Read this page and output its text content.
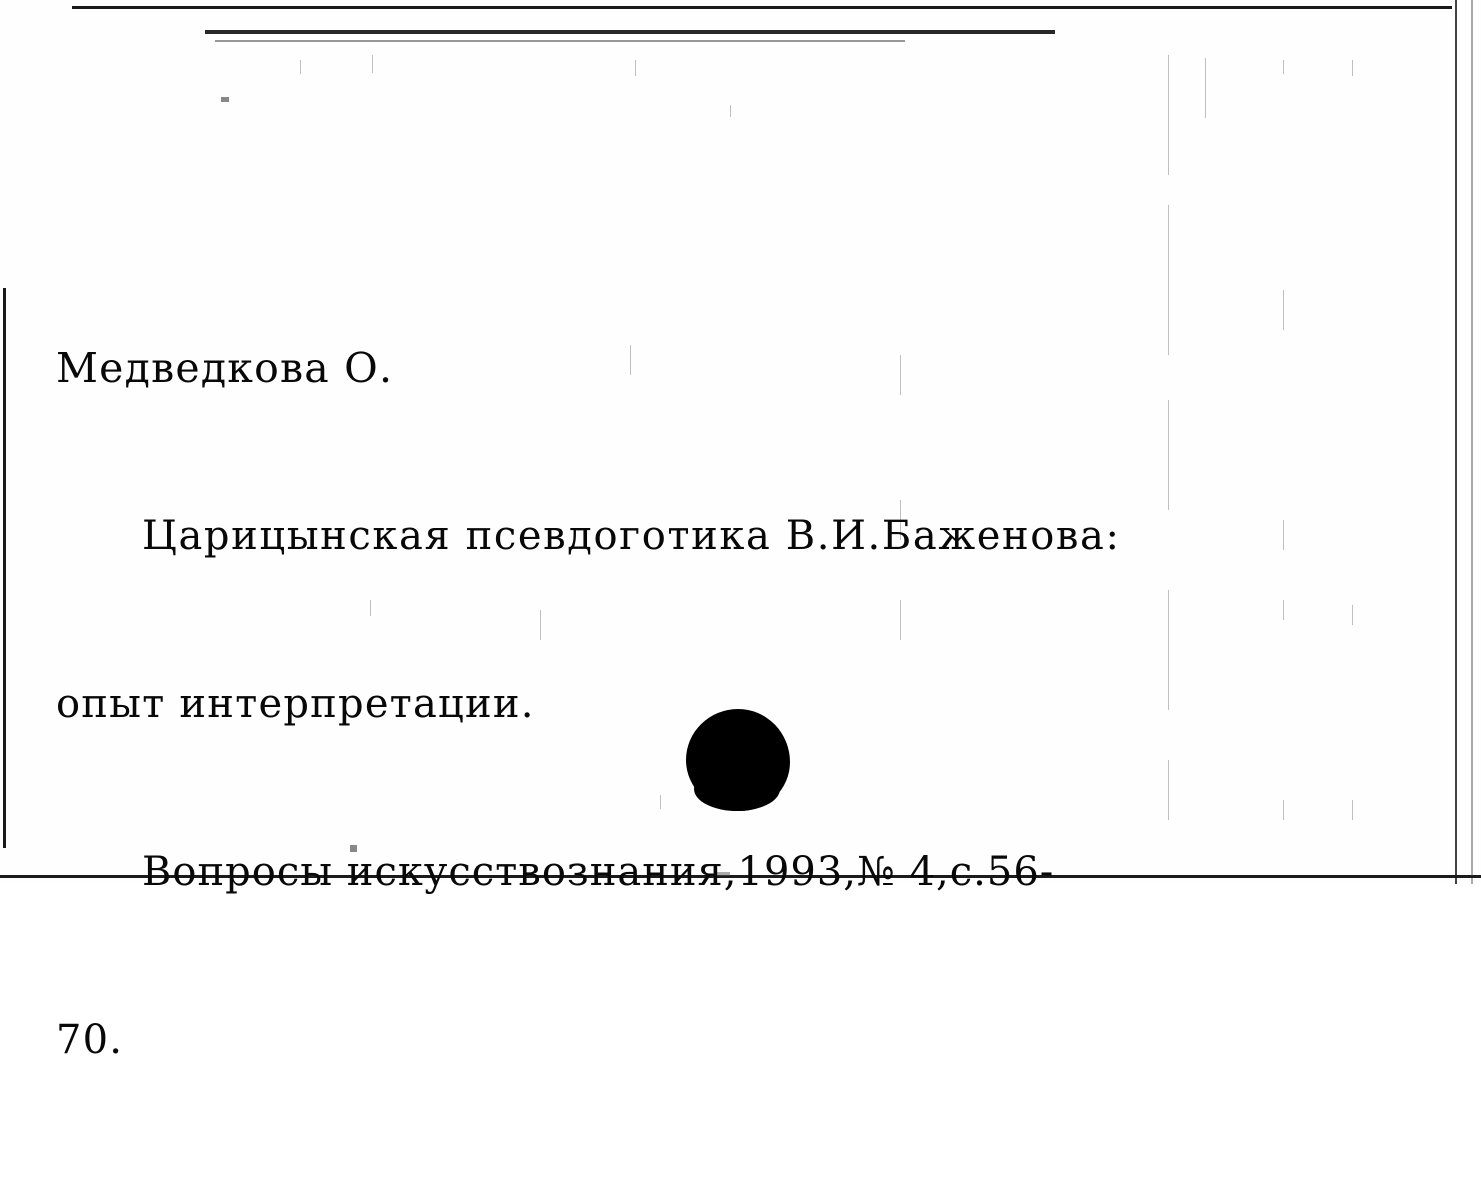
Медведкова О.

Царицынская псевдоготика В.И.Баженова:

опыт интерпретации.

Вопросы искусствознания,1993,№ 4,с.56-

70.
